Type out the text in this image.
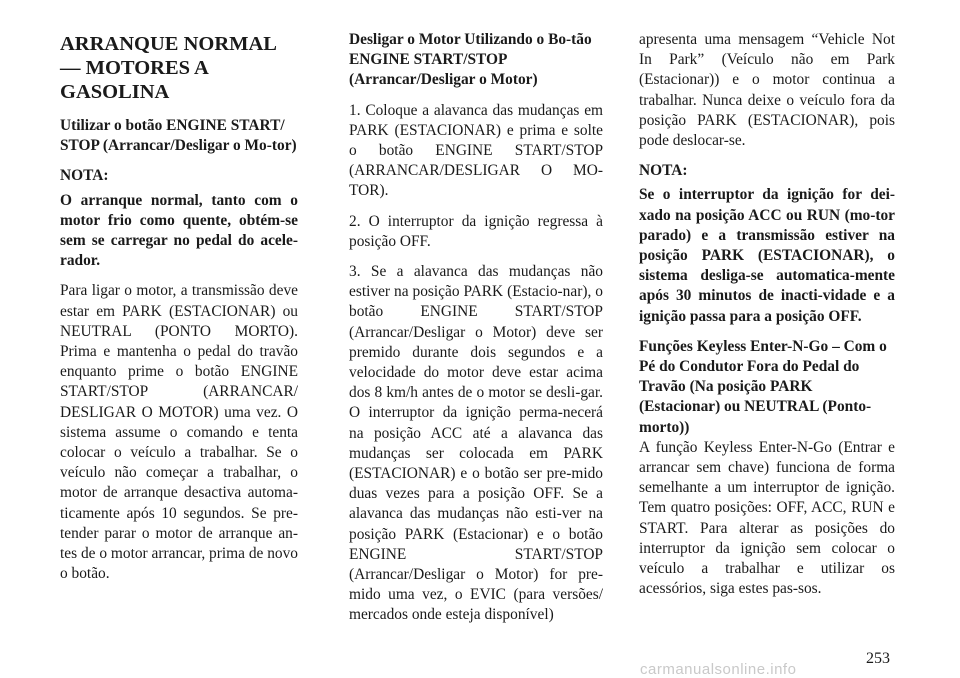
ARRANQUE NORMAL — MOTORES A GASOLINA
Utilizar o botão ENGINE START/ STOP (Arrancar/Desligar o Mo-tor)
NOTA:
O arranque normal, tanto com o motor frio como quente, obtém-se sem se carregar no pedal do acele-rador.
Para ligar o motor, a transmissão deve estar em PARK (ESTACIONAR) ou NEUTRAL (PONTO MORTO). Prima e mantenha o pedal do travão enquanto prime o botão ENGINE START/STOP (ARRANCAR/ DESLIGAR O MOTOR) uma vez. O sistema assume o comando e tenta colocar o veículo a trabalhar. Se o veículo não começar a trabalhar, o motor de arranque desactiva automa-ticamente após 10 segundos. Se pre-tender parar o motor de arranque an-tes de o motor arrancar, prima de novo o botão.
Desligar o Motor Utilizando o Bo-tão ENGINE START/STOP (Arrancar/Desligar o Motor)
1. Coloque a alavanca das mudanças em PARK (ESTACIONAR) e prima e solte o botão ENGINE START/STOP (ARRANCAR/DESLIGAR O MO-TOR).
2. O interruptor da ignição regressa à posição OFF.
3. Se a alavanca das mudanças não estiver na posição PARK (Estacio-nar), o botão ENGINE START/STOP (Arrancar/Desligar o Motor) deve ser premido durante dois segundos e a velocidade do motor deve estar acima dos 8 km/h antes de o motor se desli-gar. O interruptor da ignição perma-necerá na posição ACC até a alavanca das mudanças ser colocada em PARK (ESTACIONAR) e o botão ser pre-mido duas vezes para a posição OFF. Se a alavanca das mudanças não esti-ver na posição PARK (Estacionar) e o botão ENGINE START/STOP (Arrancar/Desligar o Motor) for pre-mido uma vez, o EVIC (para versões/ mercados onde esteja disponível)
apresenta uma mensagem “Vehicle Not In Park” (Veículo não em Park (Estacionar)) e o motor continua a trabalhar. Nunca deixe o veículo fora da posição PARK (ESTACIONAR), pois pode deslocar-se.
NOTA:
Se o interruptor da ignição for dei-xado na posição ACC ou RUN (mo-tor parado) e a transmissão estiver na posição PARK (ESTACIONAR), o sistema desliga-se automatica-mente após 30 minutos de inacti-vidade e a ignição passa para a posição OFF.
Funções Keyless Enter-N-Go – Com o Pé do Condutor Fora do Pedal do Travão (Na posição PARK (Estacionar) ou NEUTRAL (Ponto-morto))
A função Keyless Enter-N-Go (Entrar e arrancar sem chave) funciona de forma semelhante a um interruptor de ignição. Tem quatro posições: OFF, ACC, RUN e START. Para alterar as posições do interruptor da ignição sem colocar o veículo a trabalhar e utilizar os acessórios, siga estes pas-sos.
253
carmanualsonline.info
